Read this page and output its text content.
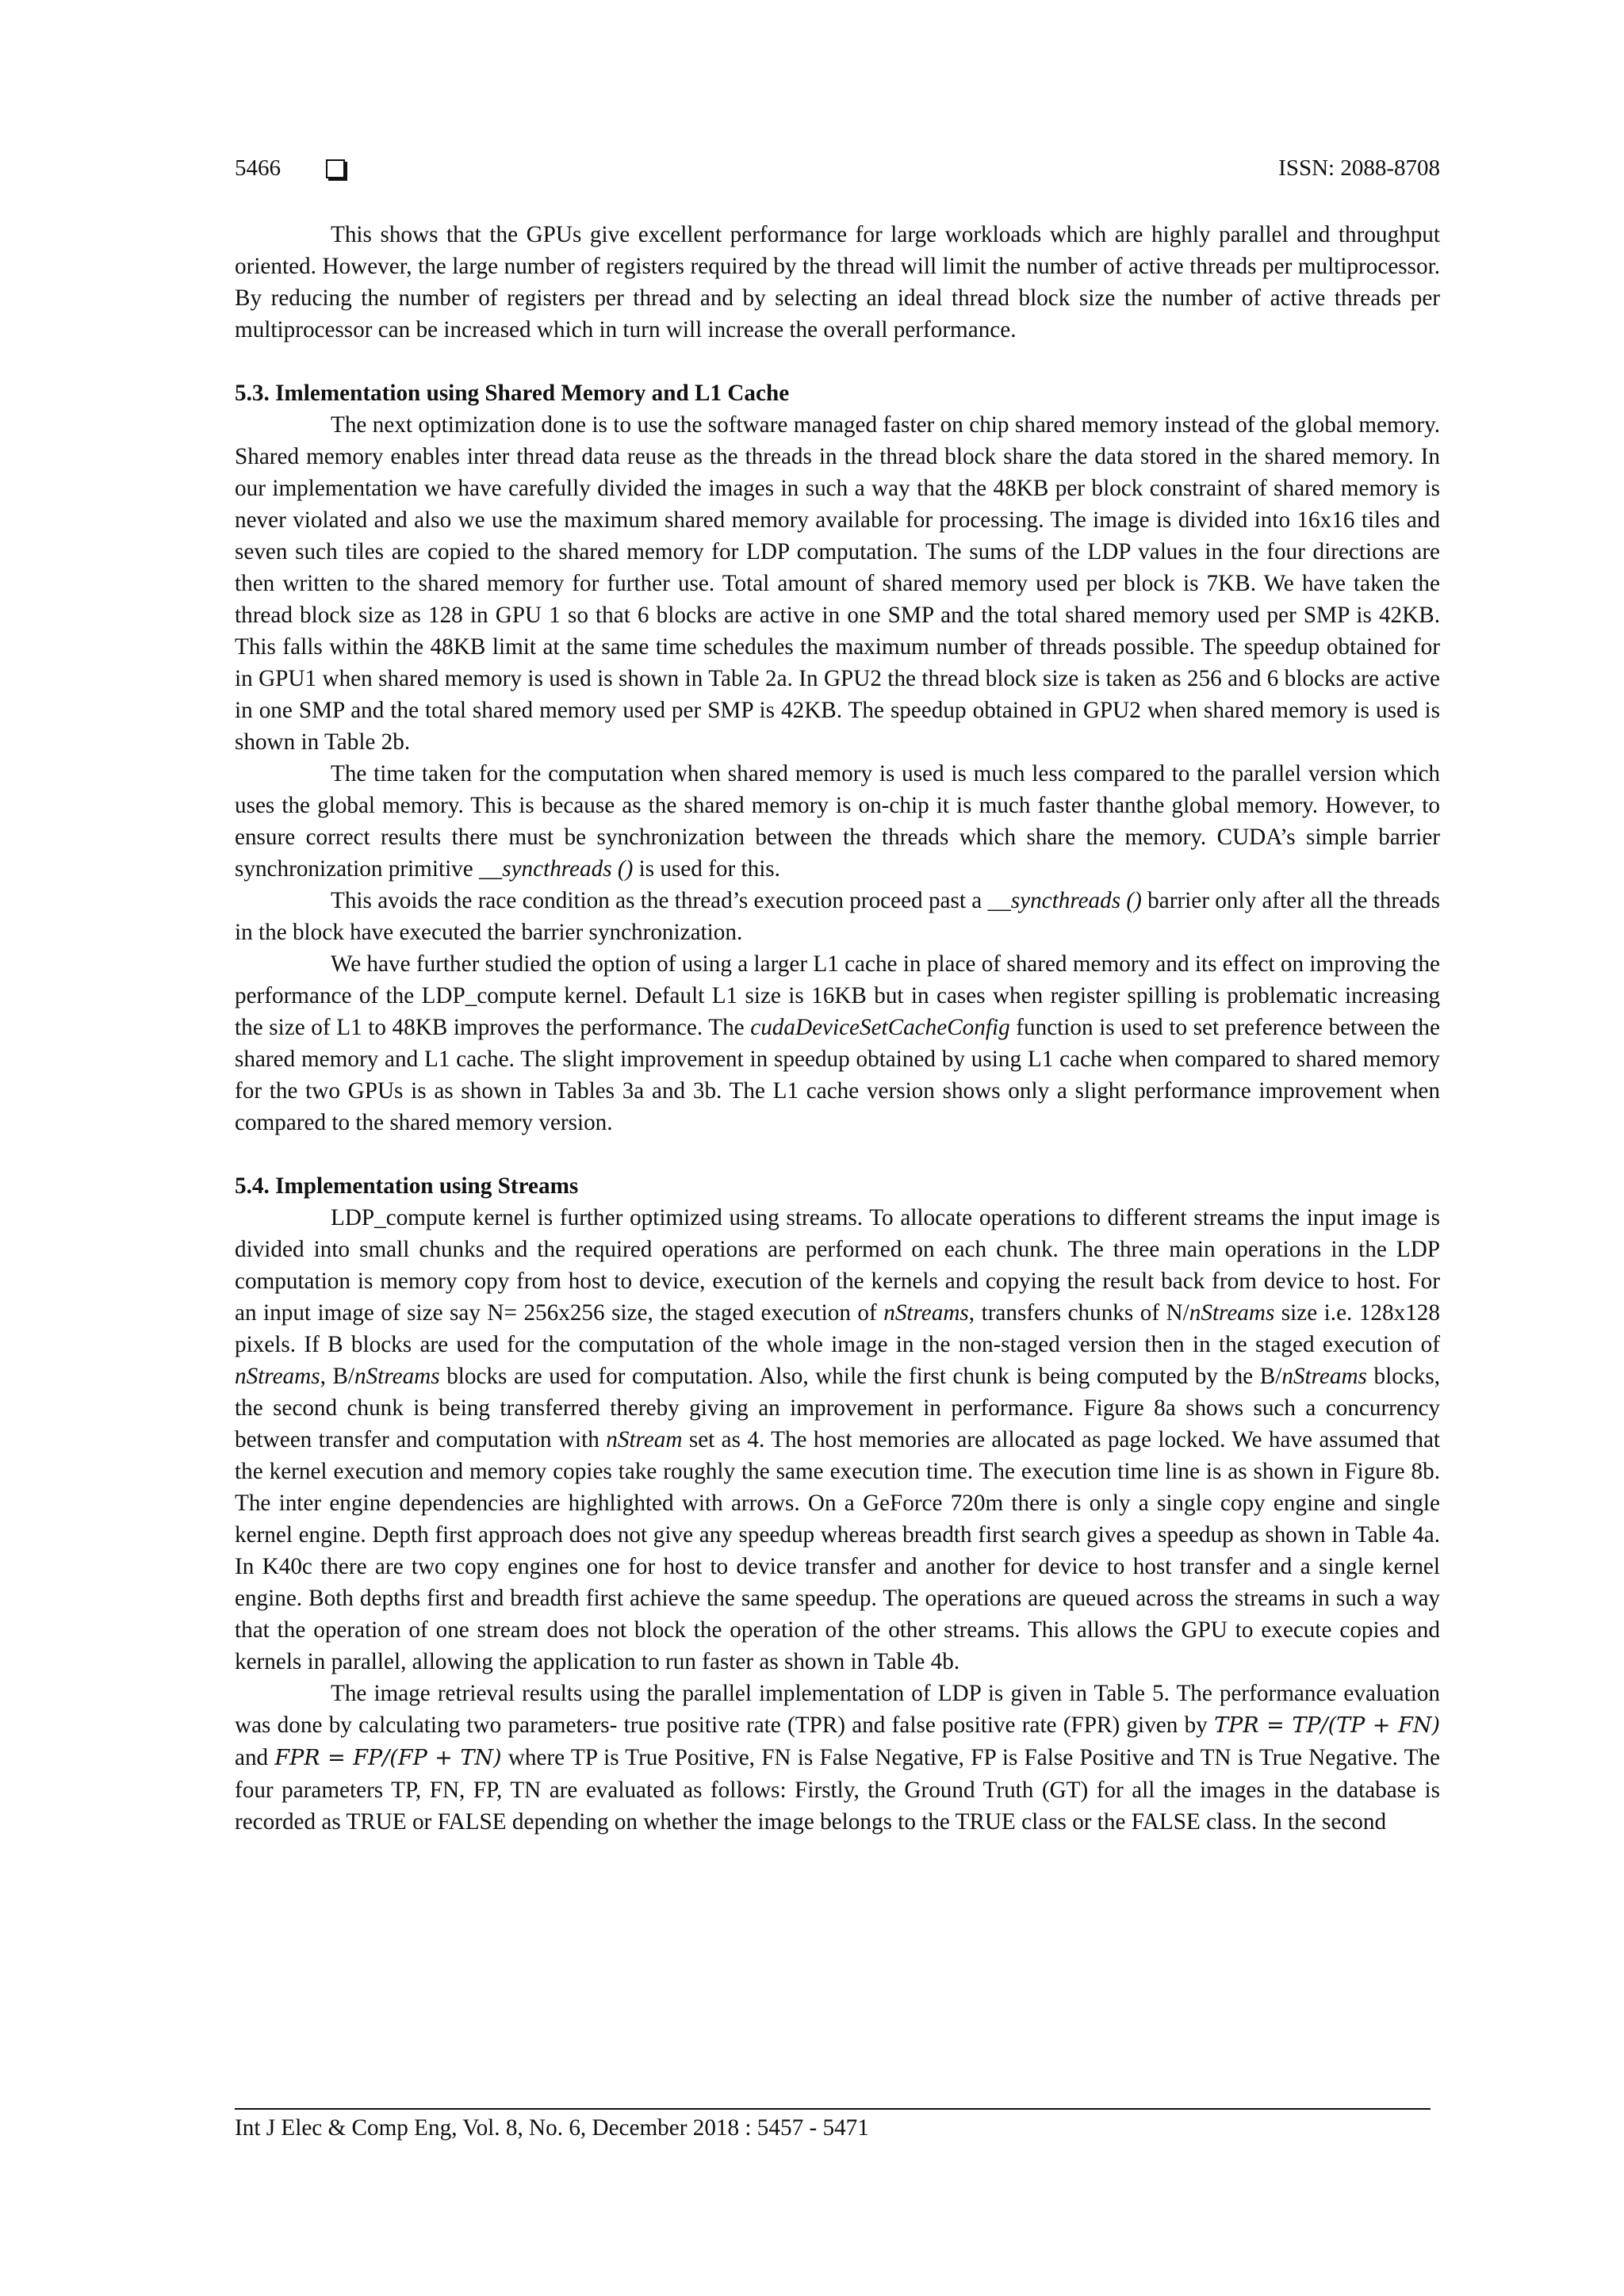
5466	ISSN: 2088-8708

This shows that the GPUs give excellent performance for large workloads which are highly parallel and throughput oriented. However, the large number of registers required by the thread will limit the number of active threads per multiprocessor. By reducing the number of registers per thread and by selecting an ideal thread block size the number of active threads per multiprocessor can be increased which in turn will increase the overall performance.

5.3. Imlementation using Shared Memory and L1 Cache

The next optimization done is to use the software managed faster on chip shared memory instead of the global memory. Shared memory enables inter thread data reuse as the threads in the thread block share the data stored in the shared memory. In our implementation we have carefully divided the images in such a way that the 48KB per block constraint of shared memory is never violated and also we use the maximum shared memory available for processing. The image is divided into 16x16 tiles and seven such tiles are copied to the shared memory for LDP computation. The sums of the LDP values in the four directions are then written to the shared memory for further use. Total amount of shared memory used per block is 7KB. We have taken the thread block size as 128 in GPU 1 so that 6 blocks are active in one SMP and the total shared memory used per SMP is 42KB. This falls within the 48KB limit at the same time schedules the maximum number of threads possible. The speedup obtained for in GPU1 when shared memory is used is shown in Table 2a. In GPU2 the thread block size is taken as 256 and 6 blocks are active in one SMP and the total shared memory used per SMP is 42KB. The speedup obtained in GPU2 when shared memory is used is shown in Table 2b.

The time taken for the computation when shared memory is used is much less compared to the parallel version which uses the global memory. This is because as the shared memory is on-chip it is much faster thanthe global memory. However, to ensure correct results there must be synchronization between the threads which share the memory. CUDA’s simple barrier synchronization primitive __syncthreads () is used for this.

This avoids the race condition as the thread’s execution proceed past a __syncthreads () barrier only after all the threads in the block have executed the barrier synchronization.

We have further studied the option of using a larger L1 cache in place of shared memory and its effect on improving the performance of the LDP_compute kernel. Default L1 size is 16KB but in cases when register spilling is problematic increasing the size of L1 to 48KB improves the performance. The cudaDeviceSetCacheConfig function is used to set preference between the shared memory and L1 cache. The slight improvement in speedup obtained by using L1 cache when compared to shared memory for the two GPUs is as shown in Tables 3a and 3b. The L1 cache version shows only a slight performance improvement when compared to the shared memory version.

5.4. Implementation using Streams

LDP_compute kernel is further optimized using streams. To allocate operations to different streams the input image is divided into small chunks and the required operations are performed on each chunk. The three main operations in the LDP computation is memory copy from host to device, execution of the kernels and copying the result back from device to host. For an input image of size say N= 256x256 size, the staged execution of nStreams, transfers chunks of N/nStreams size i.e. 128x128 pixels. If B blocks are used for the computation of the whole image in the non-staged version then in the staged execution of nStreams, B/nStreams blocks are used for computation. Also, while the first chunk is being computed by the B/nStreams blocks, the second chunk is being transferred thereby giving an improvement in performance. Figure 8a shows such a concurrency between transfer and computation with nStream set as 4. The host memories are allocated as page locked. We have assumed that the kernel execution and memory copies take roughly the same execution time. The execution time line is as shown in Figure 8b. The inter engine dependencies are highlighted with arrows. On a GeForce 720m there is only a single copy engine and single kernel engine. Depth first approach does not give any speedup whereas breadth first search gives a speedup as shown in Table 4a. In K40c there are two copy engines one for host to device transfer and another for device to host transfer and a single kernel engine. Both depths first and breadth first achieve the same speedup. The operations are queued across the streams in such a way that the operation of one stream does not block the operation of the other streams. This allows the GPU to execute copies and kernels in parallel, allowing the application to run faster as shown in Table 4b.

The image retrieval results using the parallel implementation of LDP is given in Table 5. The performance evaluation was done by calculating two parameters- true positive rate (TPR) and false positive rate (FPR) given by TPR = TP/(TP + FN) and FPR = FP/(FP + TN) where TP is True Positive, FN is False Negative, FP is False Positive and TN is True Negative. The four parameters TP, FN, FP, TN are evaluated as follows: Firstly, the Ground Truth (GT) for all the images in the database is recorded as TRUE or FALSE depending on whether the image belongs to the TRUE class or the FALSE class. In the second

Int J Elec & Comp Eng, Vol. 8, No. 6, December 2018 : 5457 - 5471
